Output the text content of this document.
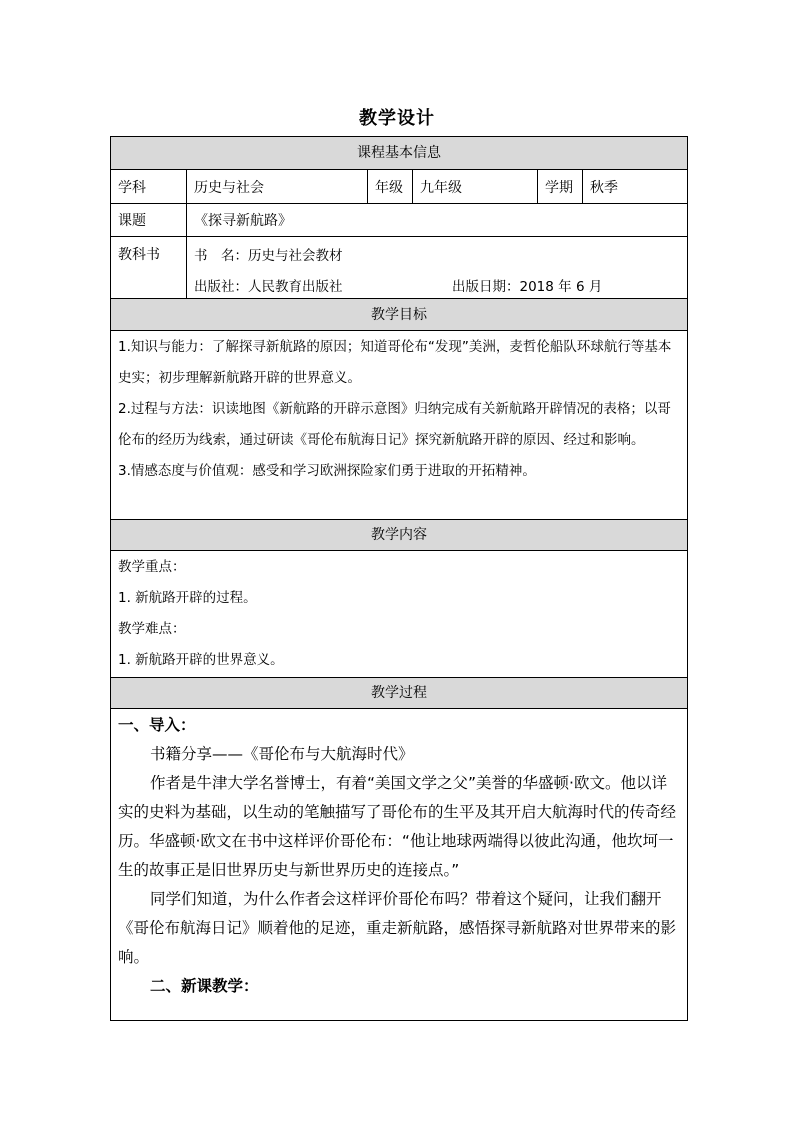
教学设计
课程基本信息
学科	历史与社会	年级	九年级	学期	秋季
课题	《探寻新航路》
教科书	书　名：历史与社会教材
出版社：人民教育出版社	出版日期：2018 年 6 月
教学目标
1.知识与能力：了解探寻新航路的原因；知道哥伦布“发现”美洲，麦哲伦船队环球航行等基本史实；初步理解新航路开辟的世界意义。
2.过程与方法：识读地图《新航路的开辟示意图》归纳完成有关新航路开辟情况的表格；以哥伦布的经历为线索，通过研读《哥伦布航海日记》探究新航路开辟的原因、经过和影响。
3.情感态度与价值观：感受和学习欧洲探险家们勇于进取的开拓精神。
教学内容
教学重点：
1. 新航路开辟的过程。
教学难点：
1. 新航路开辟的世界意义。
教学过程
一、导入：
书籍分享——《哥伦布与大航海时代》
作者是牛津大学名誉博士，有着“美国文学之父”美誉的华盛顿·欧文。他以详实的史料为基础，以生动的笔触描写了哥伦布的生平及其开启大航海时代的传奇经历。华盛顿·欧文在书中这样评价哥伦布：“他让地球两端得以彼此沟通，他坎坷一生的故事正是旧世界历史与新世界历史的连接点。”
同学们知道，为什么作者会这样评价哥伦布吗？带着这个疑问，让我们翻开《哥伦布航海日记》顺着他的足迹，重走新航路，感悟探寻新航路对世界带来的影响。
二、新课教学：
